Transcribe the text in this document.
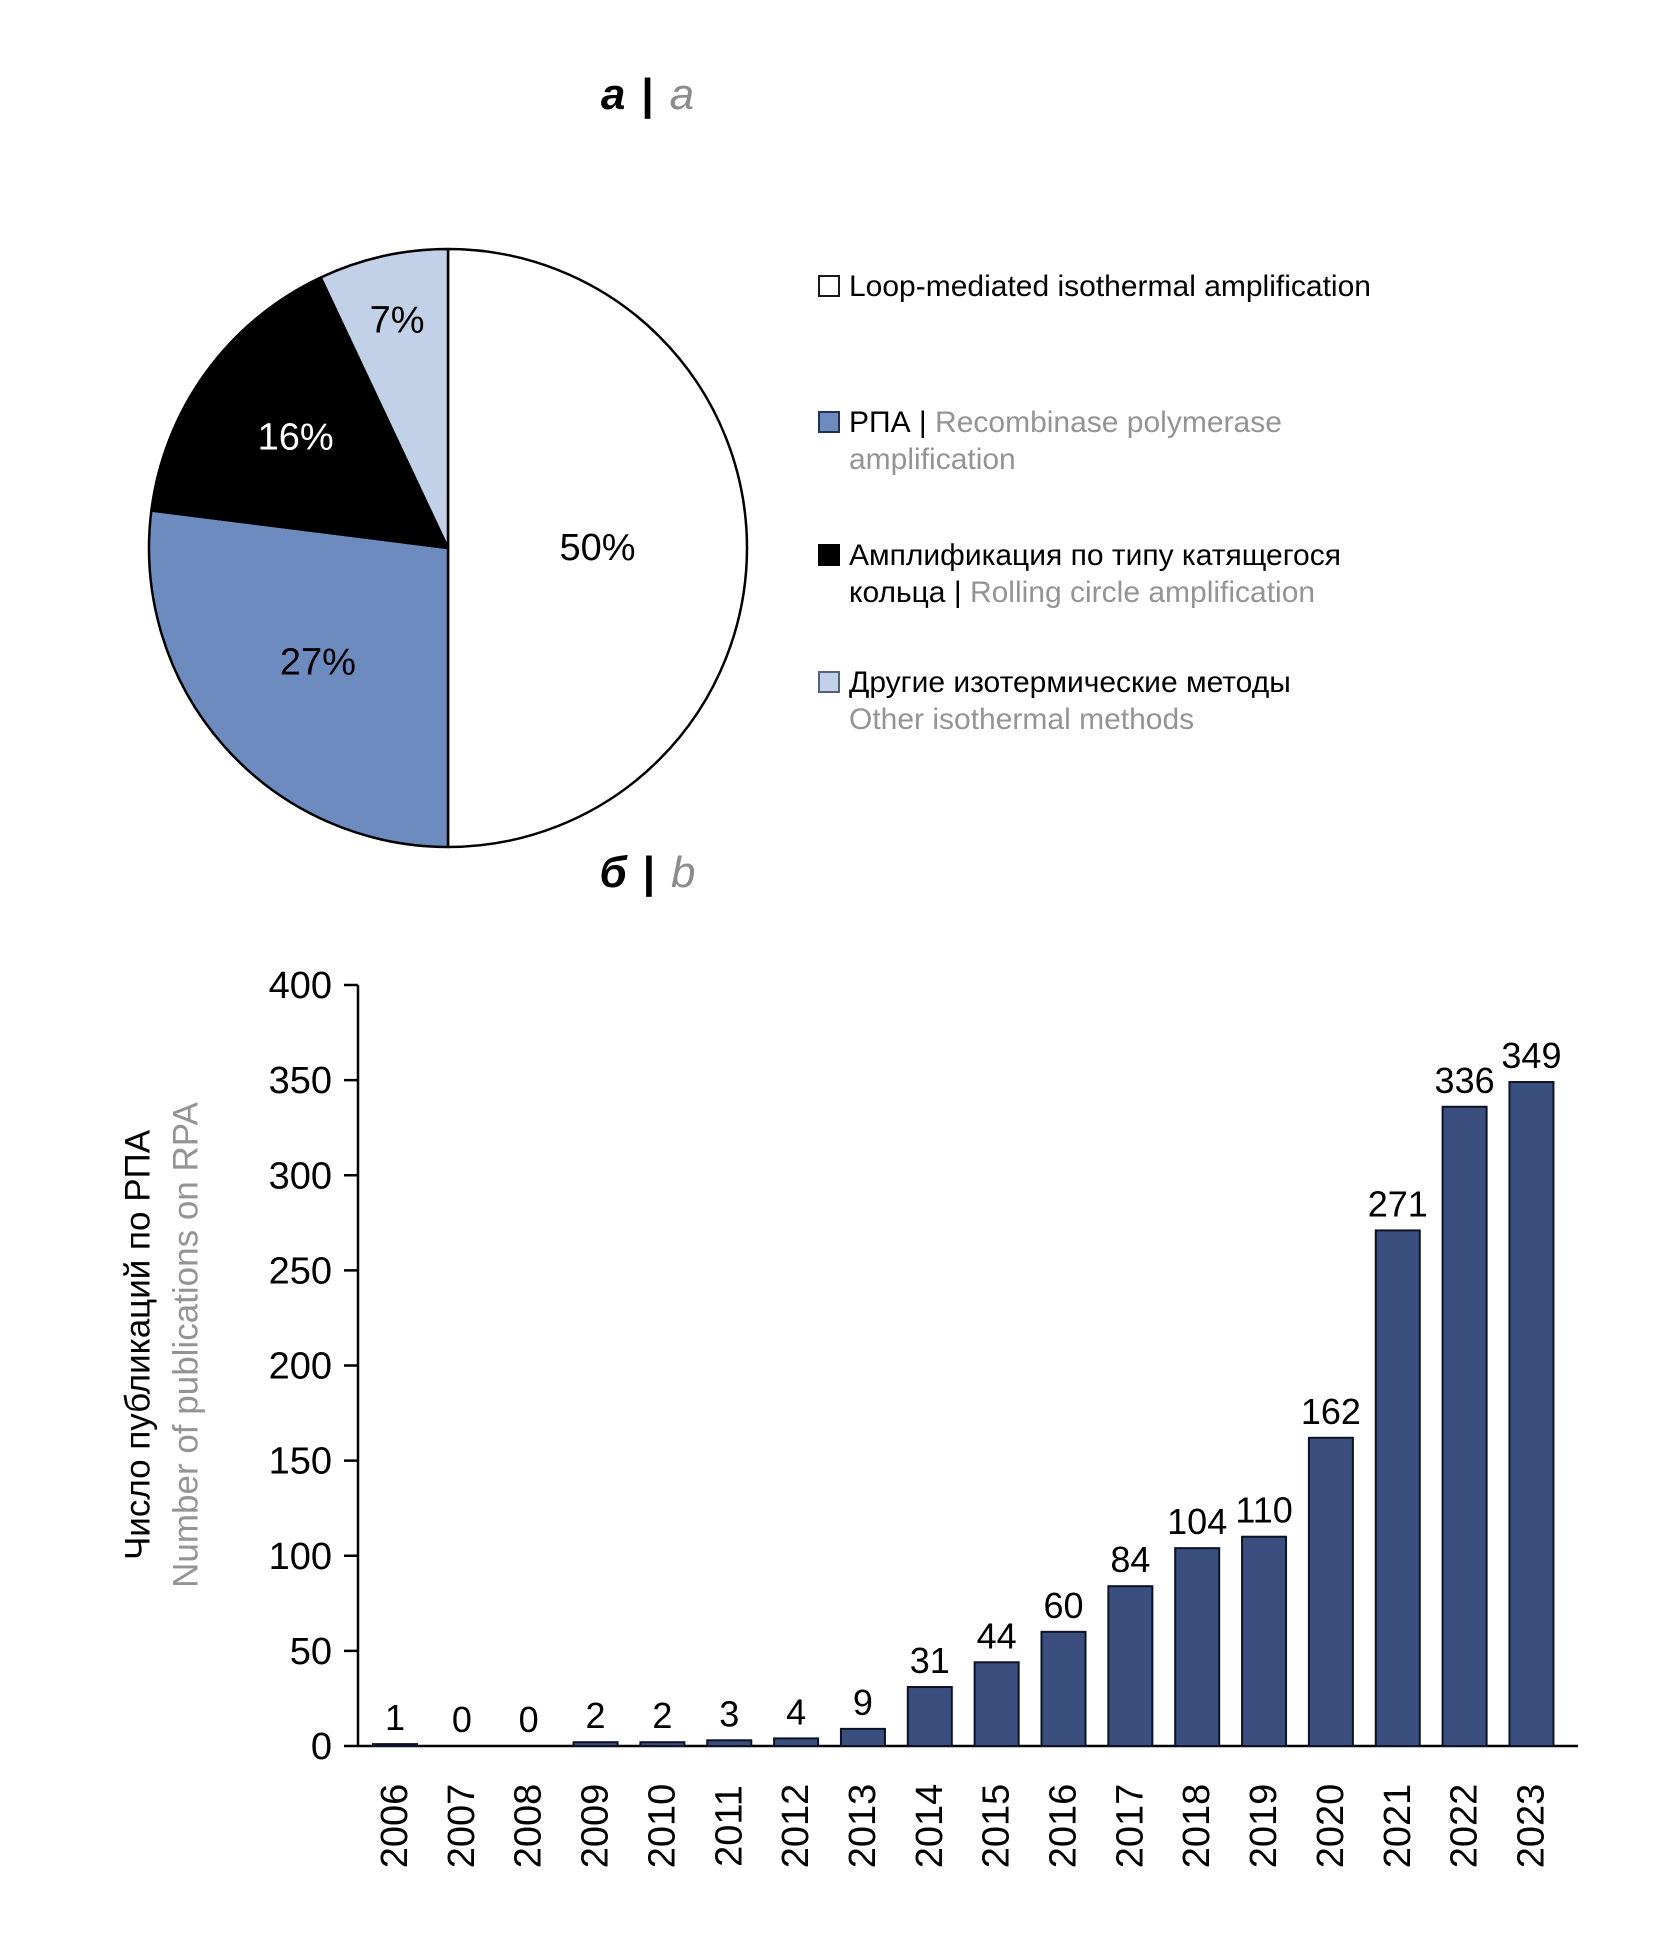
а | a
б | b
50%
27%
16%
7%
0
50
100
150
200
250
300
350
400
1
2006
0
2007
0
2008
2
2009
2
2010
3
2011
4
2012
9
2013
31
2014
44
2015
60
2016
84
2017
104
2018
110
2019
162
2020
271
2021
336
2022
349
2023
Число публикаций по РПА Number of publications on RPA
Loop-mediated isothermal amplification
РПА | Recombinase polymerase amplification
Амплификация по типу катящегося кольца | Rolling circle amplification
Другие изотермические методы
Other isothermal methods
